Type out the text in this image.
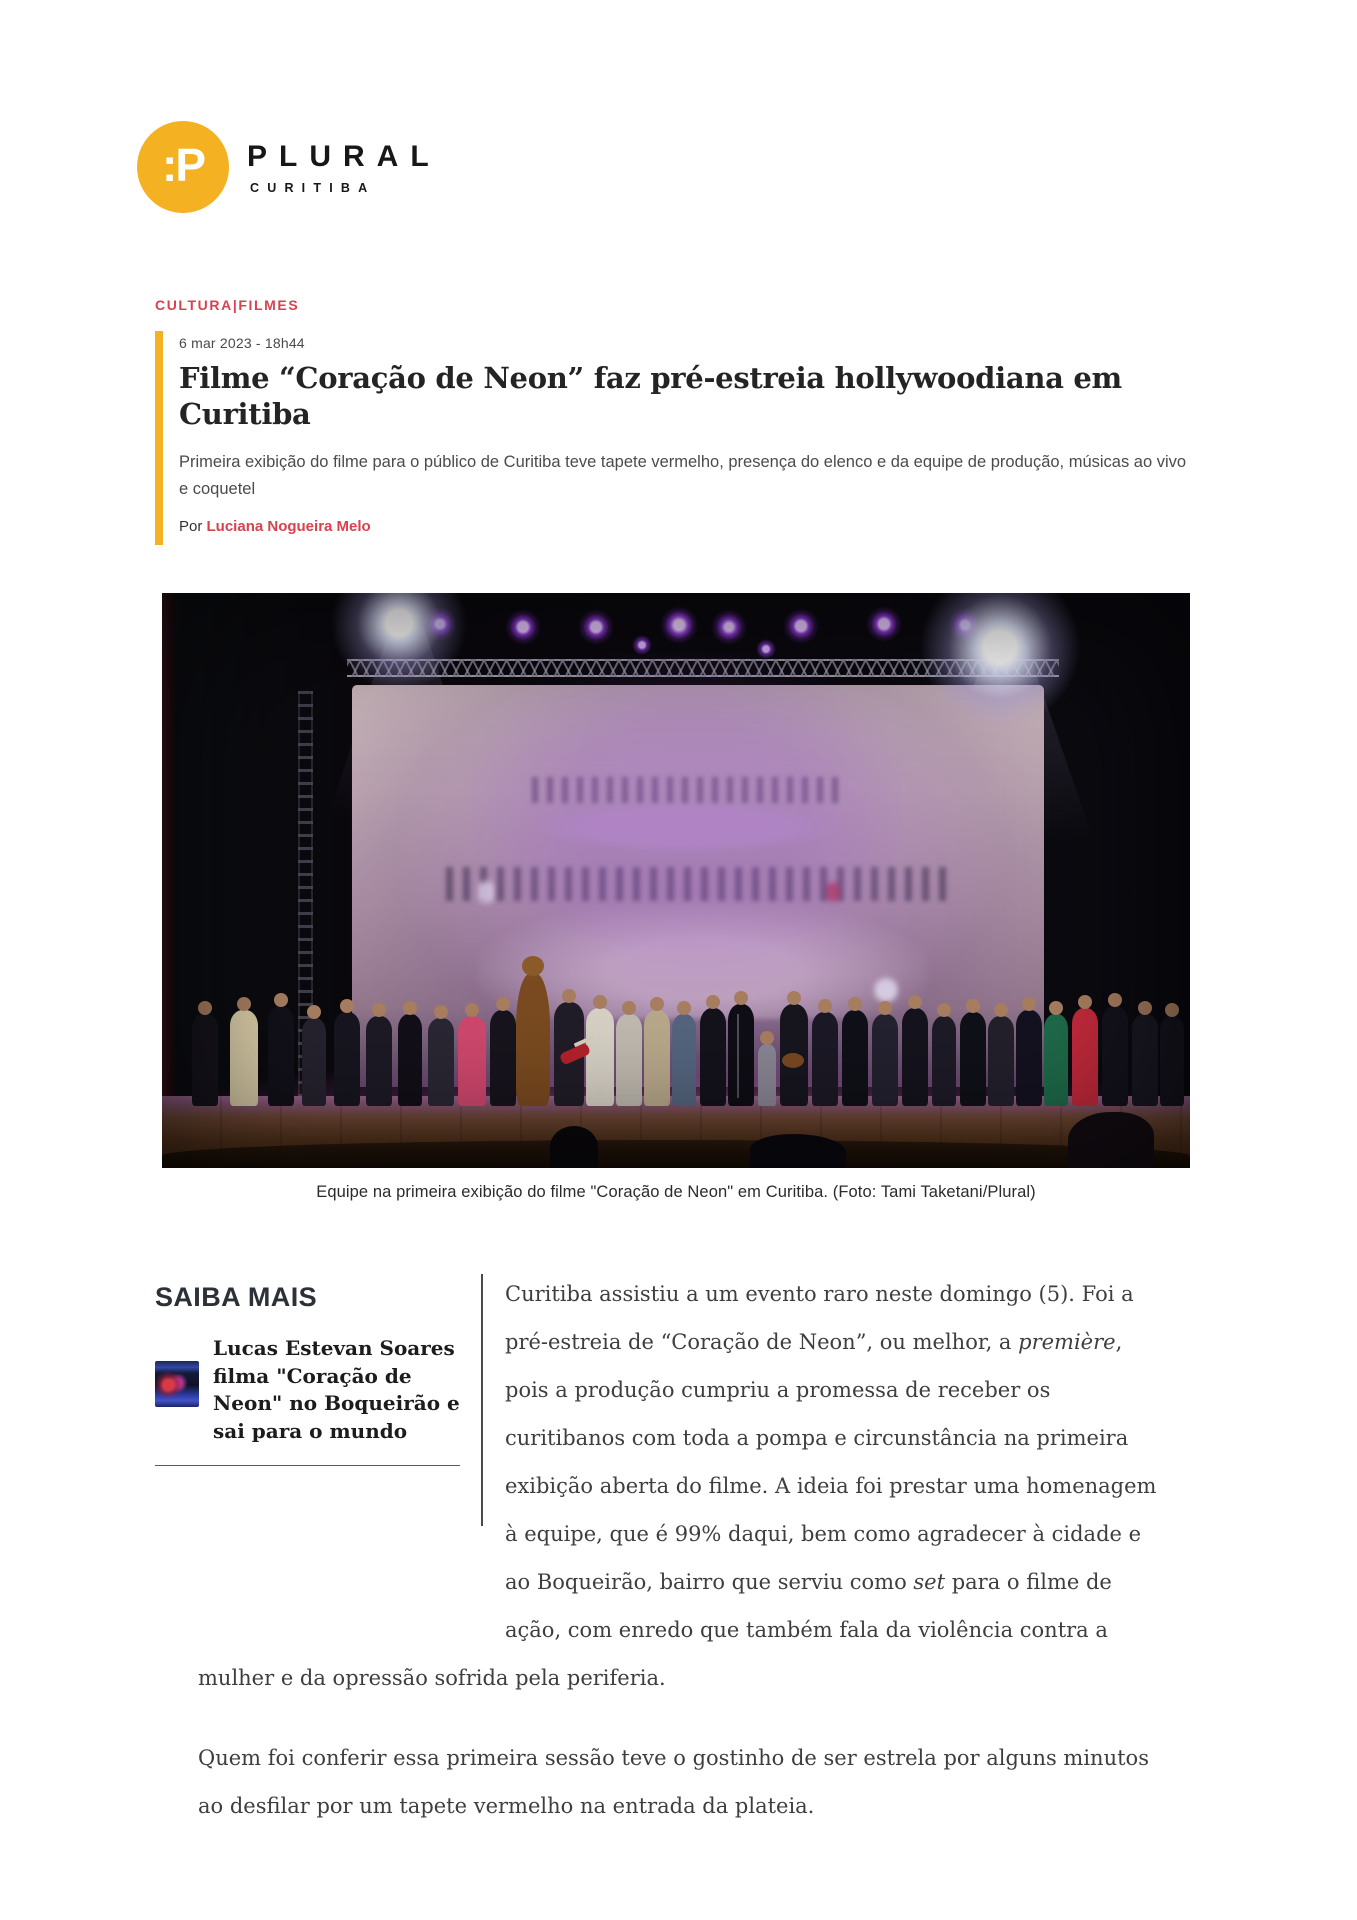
:P PLURAL
CURITIBA
CULTURA|FILMES
6 mar 2023 - 18h44
Filme “Coração de Neon” faz pré-estreia hollywoodiana em Curitiba

Primeira exibição do filme para o público de Curitiba teve tapete vermelho, presença do elenco e da equipe de produção, músicas ao vivo e coquetel

Por Luciana Nogueira Melo
Equipe na primeira exibição do filme "Coração de Neon" em Curitiba. (Foto: Tami Taketani/Plural)
SAIBA MAIS
Lucas Estevan Soares filma "Coração de Neon" no Boqueirão e sai para o mundo

Curitiba assistiu a um evento raro neste domingo (5). Foi a pré-estreia de “Coração de Neon”, ou melhor, a première, pois a produção cumpriu a promessa de receber os curitibanos com toda a pompa e circunstância na primeira exibição aberta do filme. A ideia foi prestar uma homenagem à equipe, que é 99% daqui, bem como agradecer à cidade e ao Boqueirão, bairro que serviu como set para o filme de ação, com enredo que também fala da violência contra a mulher e da opressão sofrida pela periferia.

Quem foi conferir essa primeira sessão teve o gostinho de ser estrela por alguns minutos ao desfilar por um tapete vermelho na entrada da plateia.
